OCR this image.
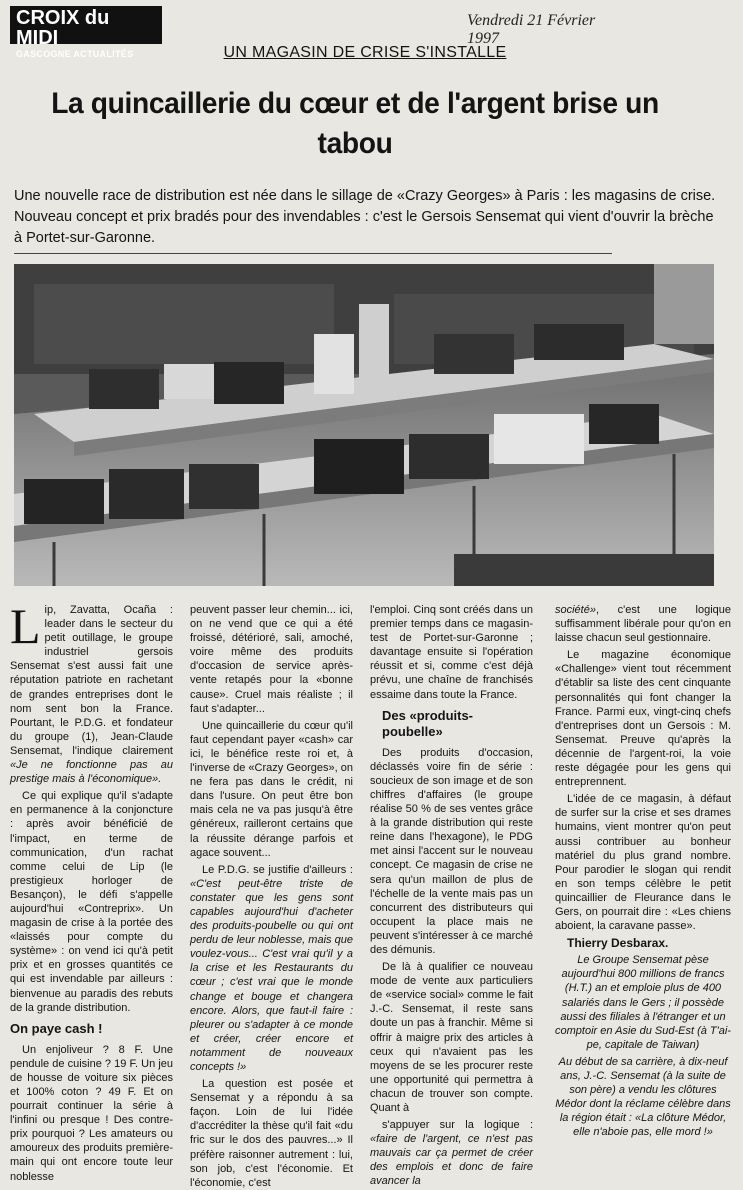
CROIX du MIDI
GASCOGNE ACTUALITÉS
Vendredi 21 Février 1997
UN MAGASIN DE CRISE S'INSTALLE
La quincaillerie du cœur et de l'argent brise un tabou

Une nouvelle race de distribution est née dans le sillage de «Crazy Georges» à Paris : les magasins de crise. Nouveau concept et prix bradés pour des invendables : c'est le Gersois Sensemat qui vient d'ouvrir la brèche à Portet-sur-Garonne.

Lip, Zavatta, Ocaña : leader dans le secteur du petit outillage, le groupe industriel gersois Sensemat s'est aussi fait une réputation patriote en rachetant de grandes entreprises dont le nom sent bon la France. Pourtant, le P.D.G. et fondateur du groupe (1), Jean-Claude Sensemat, l'indique clairement «Je ne fonctionne pas au prestige mais à l'économique».

Ce qui explique qu'il s'adapte en permanence à la conjoncture : après avoir bénéficié de l'impact, en terme de communication, d'un rachat comme celui de Lip (le prestigieux horloger de Besançon), le défi s'appelle aujourd'hui «Contreprix». Un magasin de crise à la portée des «laissés pour compte du système» : on vend ici qu'à petit prix et en grosses quantités ce qui est invendable par ailleurs : bienvenue au paradis des rebuts de la grande distribution.

On paye cash !

Un enjoliveur ? 8 F. Une pendule de cuisine ? 19 F. Un jeu de housse de voiture six pièces et 100% coton ? 49 F. Et on pourrait continuer la série à l'infini ou presque ! Des contre-prix pourquoi ? Les amateurs ou amoureux des produits première-main qui ont encore toute leur noblesse

peuvent passer leur chemin... ici, on ne vend que ce qui a été froissé, détérioré, sali, amoché, voire même des produits d'occasion de service après-vente retapés pour la «bonne cause». Cruel mais réaliste ; il faut s'adapter...

Une quincaillerie du cœur qu'il faut cependant payer «cash» car ici, le bénéfice reste roi et, à l'inverse de «Crazy Georges», on ne fera pas dans le crédit, ni dans l'usure. On peut être bon mais cela ne va pas jusqu'à être généreux, railleront certains que la réussite dérange parfois et agace souvent...

Le P.D.G. se justifie d'ailleurs : «C'est peut-être triste de constater que les gens sont capables aujourd'hui d'acheter des produits-poubelle ou qui ont perdu de leur noblesse, mais que voulez-vous... C'est vrai qu'il y a la crise et les Restaurants du cœur ; c'est vrai que le monde change et bouge et changera encore. Alors, que faut-il faire : pleurer ou s'adapter à ce monde et créer, créer encore et notamment de nouveaux concepts !»

La question est posée et Sensemat y a répondu à sa façon. Loin de lui l'idée d'accréditer la thèse qu'il fait «du fric sur le dos des pauvres...» Il préfère raisonner autrement : lui, son job, c'est l'économie. Et l'économie, c'est

l'emploi. Cinq sont créés dans un premier temps dans ce magasin-test de Portet-sur-Garonne ; davantage ensuite si l'opération réussit et si, comme c'est déjà prévu, une chaîne de franchisés essaime dans toute la France.

Des «produits-poubelle»

Des produits d'occasion, déclassés voire fin de série : soucieux de son image et de son chiffres d'affaires (le groupe réalise 50 % de ses ventes grâce à la grande distribution qui reste reine dans l'hexagone), le PDG met ainsi l'accent sur le nouveau concept. Ce magasin de crise ne sera qu'un maillon de plus de l'échelle de la vente mais pas un concurrent des distributeurs qui occupent la place mais ne peuvent s'intéresser à ce marché des démunis.

De là à qualifier ce nouveau mode de vente aux particuliers de «service social» comme le fait J.-C. Sensemat, il reste sans doute un pas à franchir. Même si offrir à maigre prix des articles à ceux qui n'avaient pas les moyens de se les procurer reste une opportunité qui permettra à chacun de trouver son compte. Quant à

s'appuyer sur la logique : «faire de l'argent, ce n'est pas mauvais car ça permet de créer des emplois et donc de faire avancer la

société», c'est une logique suffisamment libérale pour qu'on en laisse chacun seul gestionnaire.

Le magazine économique «Challenge» vient tout récemment d'établir sa liste des cent cinquante personnalités qui font changer la France. Parmi eux, vingt-cinq chefs d'entreprises dont un Gersois : M. Sensemat. Preuve qu'après la décennie de l'argent-roi, la voie reste dégagée pour les gens qui entreprennent.

L'idée de ce magasin, à défaut de surfer sur la crise et ses drames humains, vient montrer qu'on peut aussi contribuer au bonheur matériel du plus grand nombre. Pour parodier le slogan qui rendit en son temps célèbre le petit quincaillier de Fleurance dans le Gers, on pourrait dire : «Les chiens aboient, la caravane passe».

Thierry Desbarax.

Le Groupe Sensemat pèse aujourd'hui 800 millions de francs (H.T.) an et emploie plus de 400 salariés dans le Gers ; il possède aussi des filiales à l'étranger et un comptoir en Asie du Sud-Est (à T'ai-pe, capitale de Taiwan)

Au début de sa carrière, à dix-neuf ans, J.-C. Sensemat (à la suite de son père) a vendu les clôtures Médor dont la réclame célèbre dans la région était : «La clôture Médor, elle n'aboie pas, elle mord !»
